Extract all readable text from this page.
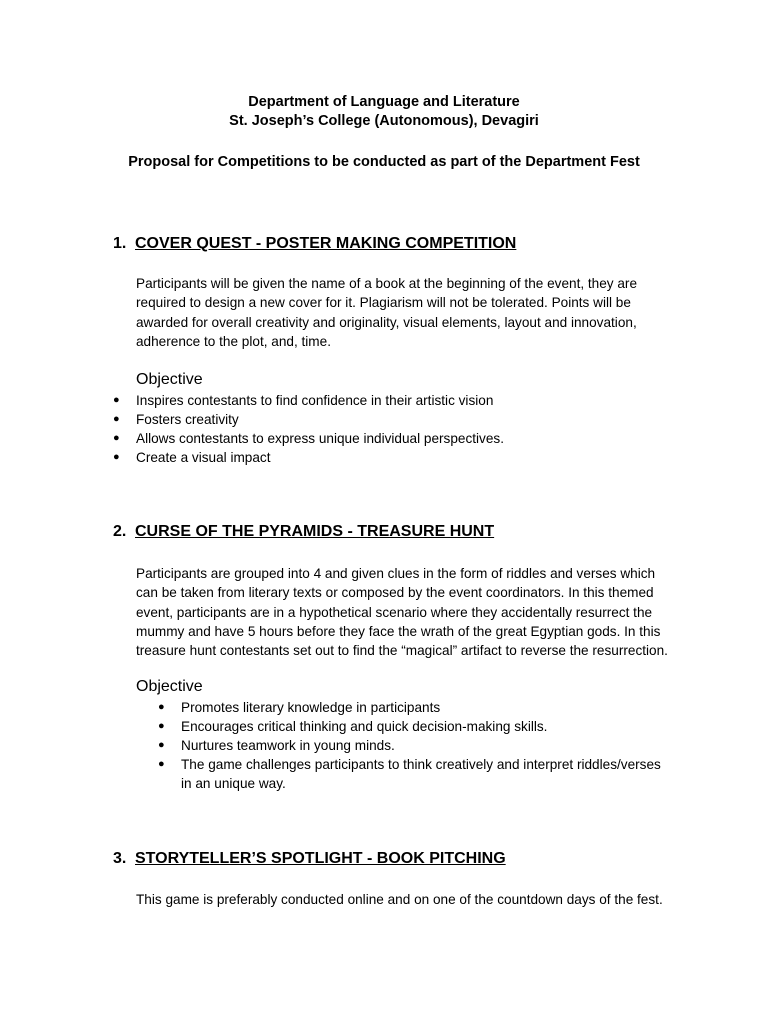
Department of Language and Literature
St. Joseph’s College (Autonomous), Devagiri
Proposal for Competitions to be conducted as part of the Department Fest
1. COVER QUEST - POSTER MAKING COMPETITION
Participants will be given the name of a book at the beginning of the event, they are
required to design a new cover for it. Plagiarism will not be tolerated. Points will be
awarded for overall creativity and originality, visual elements, layout and innovation,
adherence to the plot, and, time.
Objective
● Inspires contestants to find confidence in their artistic vision
● Fosters creativity
● Allows contestants to express unique individual perspectives.
● Create a visual impact
2. CURSE OF THE PYRAMIDS - TREASURE HUNT
Participants are grouped into 4 and given clues in the form of riddles and verses which
can be taken from literary texts or composed by the event coordinators. In this themed
event, participants are in a hypothetical scenario where they accidentally resurrect the
mummy and have 5 hours before they face the wrath of the great Egyptian gods. In this
treasure hunt contestants set out to find the “magical” artifact to reverse the resurrection.
Objective
● Promotes literary knowledge in participants
● Encourages critical thinking and quick decision-making skills.
● Nurtures teamwork in young minds.
● The game challenges participants to think creatively and interpret riddles/verses
in an unique way.
3. STORYTELLER’S SPOTLIGHT - BOOK PITCHING
This game is preferably conducted online and on one of the countdown days of the fest.
